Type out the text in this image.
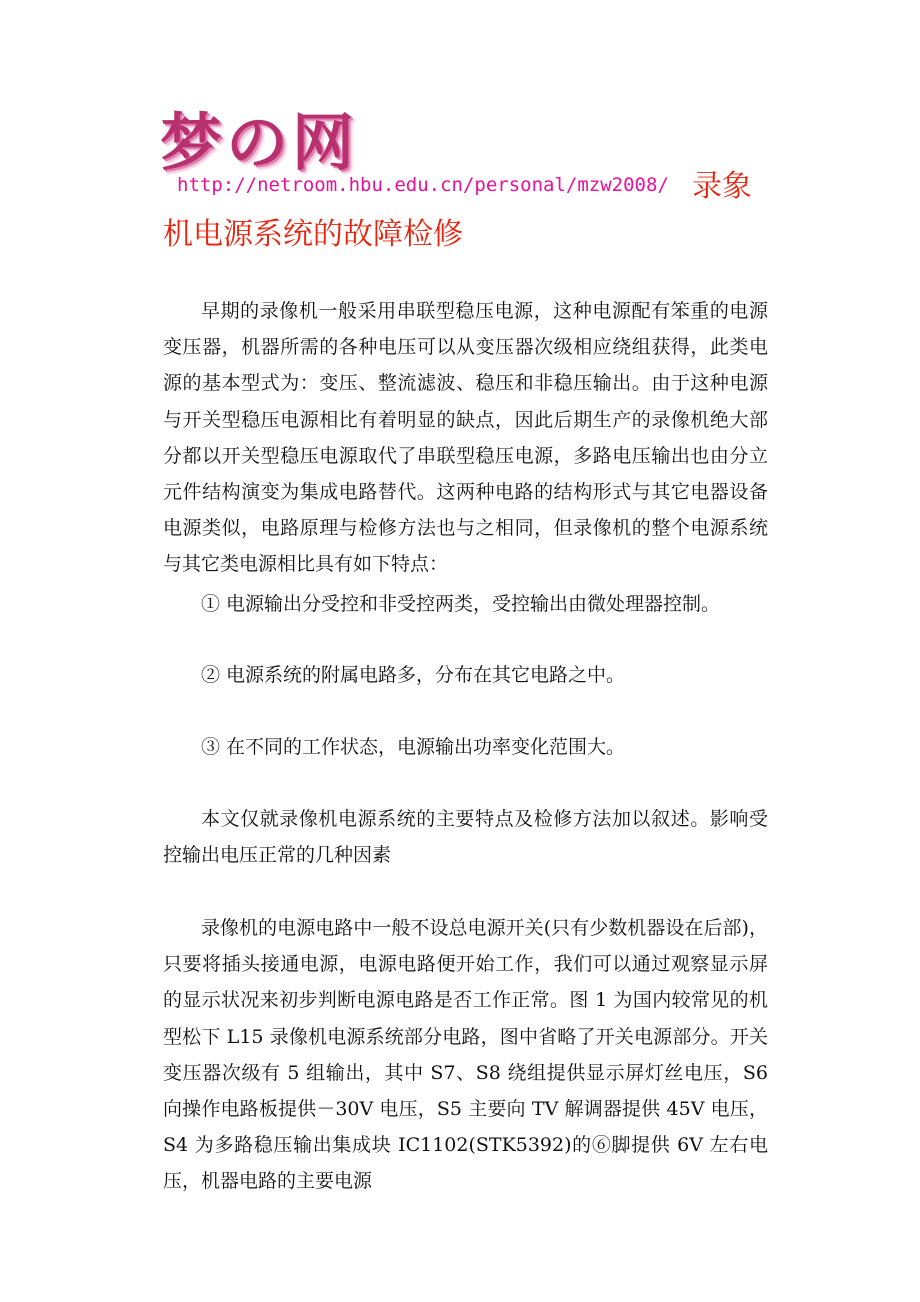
梦の网
http://netroom.hbu.edu.cn/personal/mzw2008/ 录象
机电源系统的故障检修

早期的录像机一般采用串联型稳压电源，这种电源配有笨重的电源变压器，机器所需的各种电压可以从变压器次级相应绕组获得，此类电源的基本型式为：变压、整流滤波、稳压和非稳压输出。由于这种电源与开关型稳压电源相比有着明显的缺点，因此后期生产的录像机绝大部分都以开关型稳压电源取代了串联型稳压电源，多路电压输出也由分立元件结构演变为集成电路替代。这两种电路的结构形式与其它电器设备电源类似，电路原理与检修方法也与之相同，但录像机的整个电源系统与其它类电源相比具有如下特点：

① 电源输出分受控和非受控两类，受控输出由微处理器控制。

② 电源系统的附属电路多，分布在其它电路之中。

③ 在不同的工作状态，电源输出功率变化范围大。

本文仅就录像机电源系统的主要特点及检修方法加以叙述。影响受控输出电压正常的几种因素

录像机的电源电路中一般不设总电源开关(只有少数机器设在后部)，只要将插头接通电源，电源电路便开始工作，我们可以通过观察显示屏的显示状况来初步判断电源电路是否工作正常。图 1 为国内较常见的机型松下 L15 录像机电源系统部分电路，图中省略了开关电源部分。开关变压器次级有 5 组输出，其中 S7、S8 绕组提供显示屏灯丝电压，S6 向操作电路板提供－30V 电压，S5 主要向 TV 解调器提供 45V 电压，S4 为多路稳压输出集成块 IC1102(STK5392)的⑥脚提供 6V 左右电压，机器电路的主要电源
